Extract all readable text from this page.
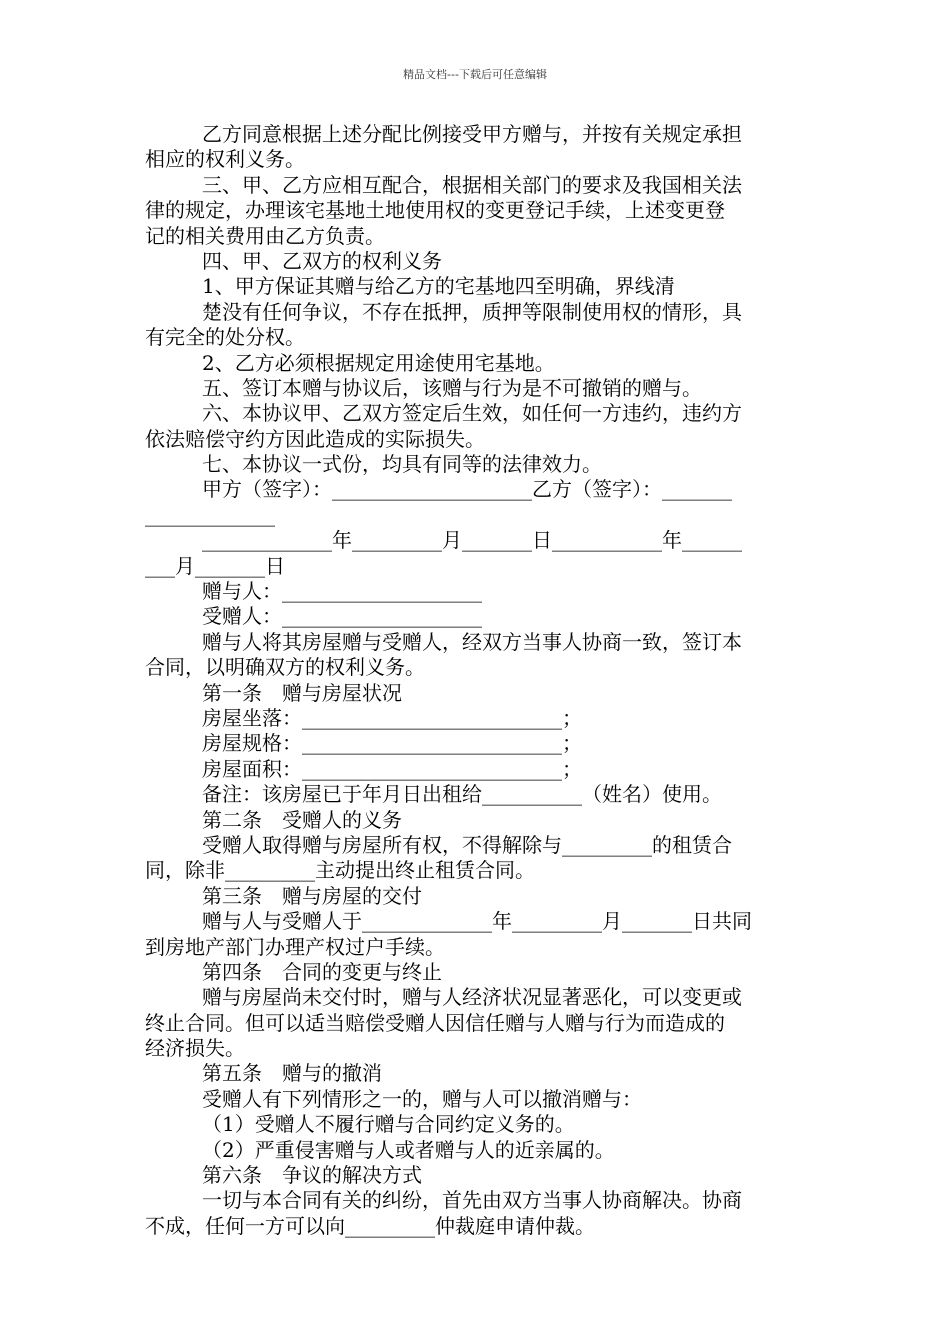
精品文档---下载后可任意编辑
乙方同意根据上述分配比例接受甲方赠与，并按有关规定承担
相应的权利义务。
三、甲、乙方应相互配合，根据相关部门的要求及我国相关法
律的规定，办理该宅基地土地使用权的变更登记手续，上述变更登
记的相关费用由乙方负责。
四、甲、乙双方的权利义务
1、甲方保证其赠与给乙方的宅基地四至明确，界线清
楚没有任何争议，不存在抵押，质押等限制使用权的情形，具
有完全的处分权。
2、乙方必须根据规定用途使用宅基地。
五、签订本赠与协议后，该赠与行为是不可撤销的赠与。
六、本协议甲、乙双方签定后生效，如任何一方违约，违约方
依法赔偿守约方因此造成的实际损失。
七、本协议一式份，均具有同等的法律效力。
甲方（签字）：____________________乙方（签字）：_______
_____________
_____________年_________月_______日___________年______
___月_______日
赠与人：____________________
受赠人：____________________
赠与人将其房屋赠与受赠人，经双方当事人协商一致，签订本
合同，以明确双方的权利义务。
第一条　赠与房屋状况
房屋坐落：__________________________；
房屋规格：__________________________；
房屋面积：__________________________；
备注：该房屋已于年月日出租给__________（姓名）使用。
第二条　受赠人的义务
受赠人取得赠与房屋所有权，不得解除与_________的租赁合
同，除非_________主动提出终止租赁合同。
第三条　赠与房屋的交付
赠与人与受赠人于_____________年_________月_______日共同
到房地产部门办理产权过户手续。
第四条　合同的变更与终止
赠与房屋尚未交付时，赠与人经济状况显著恶化，可以变更或
终止合同。但可以适当赔偿受赠人因信任赠与人赠与行为而造成的
经济损失。
第五条　赠与的撤消
受赠人有下列情形之一的，赠与人可以撤消赠与：
（1）受赠人不履行赠与合同约定义务的。
（2）严重侵害赠与人或者赠与人的近亲属的。
第六条　争议的解决方式
一切与本合同有关的纠纷，首先由双方当事人协商解决。协商
不成，任何一方可以向_________仲裁庭申请仲裁。
